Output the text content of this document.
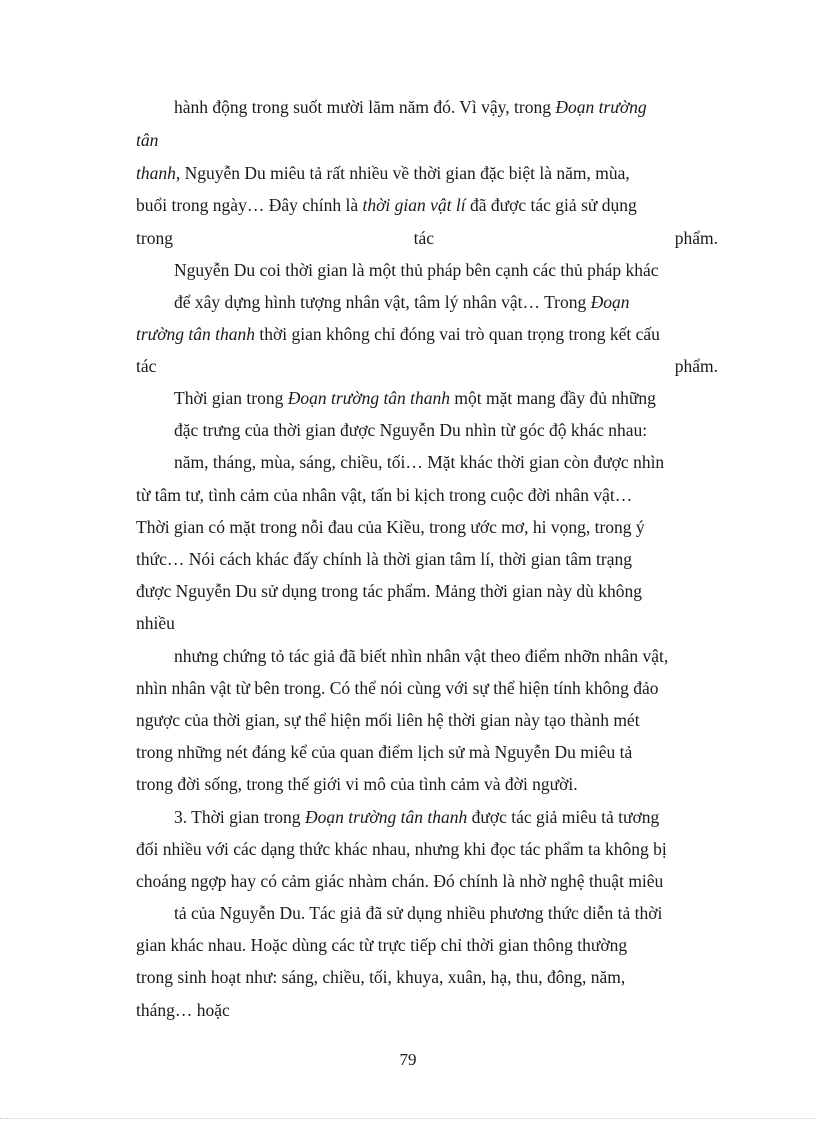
hành động trong suốt mười lăm năm đó. Vì vậy, trong Đoạn trường
tân
thanh, Nguyễn Du miêu tả rất nhiều về thời gian đặc biệt là năm, mùa,
buổi trong ngày… Đây chính là thời gian vật lí đã được tác giả sử dụng
trong	tác	phẩm.
Nguyễn Du coi thời gian là một thủ pháp bên cạnh các thủ pháp khác
để xây dựng hình tượng nhân vật, tâm lý nhân vật… Trong Đoạn
trường tân thanh thời gian không chỉ đóng vai trò quan trọng trong kết cấu
tác	phẩm.
Thời gian trong Đoạn trường tân thanh một mặt mang đầy đủ những
đặc trưng của thời gian được Nguyễn Du nhìn từ góc độ khác nhau:
năm, tháng, mùa, sáng, chiều, tối… Mặt khác thời gian còn được nhìn
từ tâm tư, tình cảm của nhân vật, tấn bi kịch trong cuộc đời nhân vật…
Thời gian có mặt trong nỗi đau của Kiều, trong ước mơ, hi vọng, trong ý
thức… Nói cách khác đấy chính là thời gian tâm lí, thời gian tâm trạng
được Nguyễn Du sử dụng trong tác phẩm. Mảng thời gian này dù không
nhiều
nhưng chứng tỏ tác giả đã biết nhìn nhân vật theo điểm nhỡn nhân vật,
nhìn nhân vật từ bên trong. Có thể nói cùng với sự thể hiện tính không đảo
ngược của thời gian, sự thể hiện mối liên hệ thời gian này tạo thành mét
trong những nét đáng kể của quan điểm lịch sử mà Nguyễn Du miêu tả
trong đời sống, trong thế giới vi mô của tình cảm và đời người.
3. Thời gian trong Đoạn trường tân thanh được tác giả miêu tả tương
đối nhiều với các dạng thức khác nhau, nhưng khi đọc tác phẩm ta không bị
choáng ngợp hay có cảm giác nhàm chán. Đó chính là nhờ nghệ thuật miêu
tả của Nguyễn Du. Tác giả đã sử dụng nhiều phương thức diễn tả thời
gian khác nhau. Hoặc dùng các từ trực tiếp chỉ thời gian thông thường
trong sinh hoạt như: sáng, chiều, tối, khuya, xuân, hạ, thu, đông, năm,
tháng… hoặc
79
